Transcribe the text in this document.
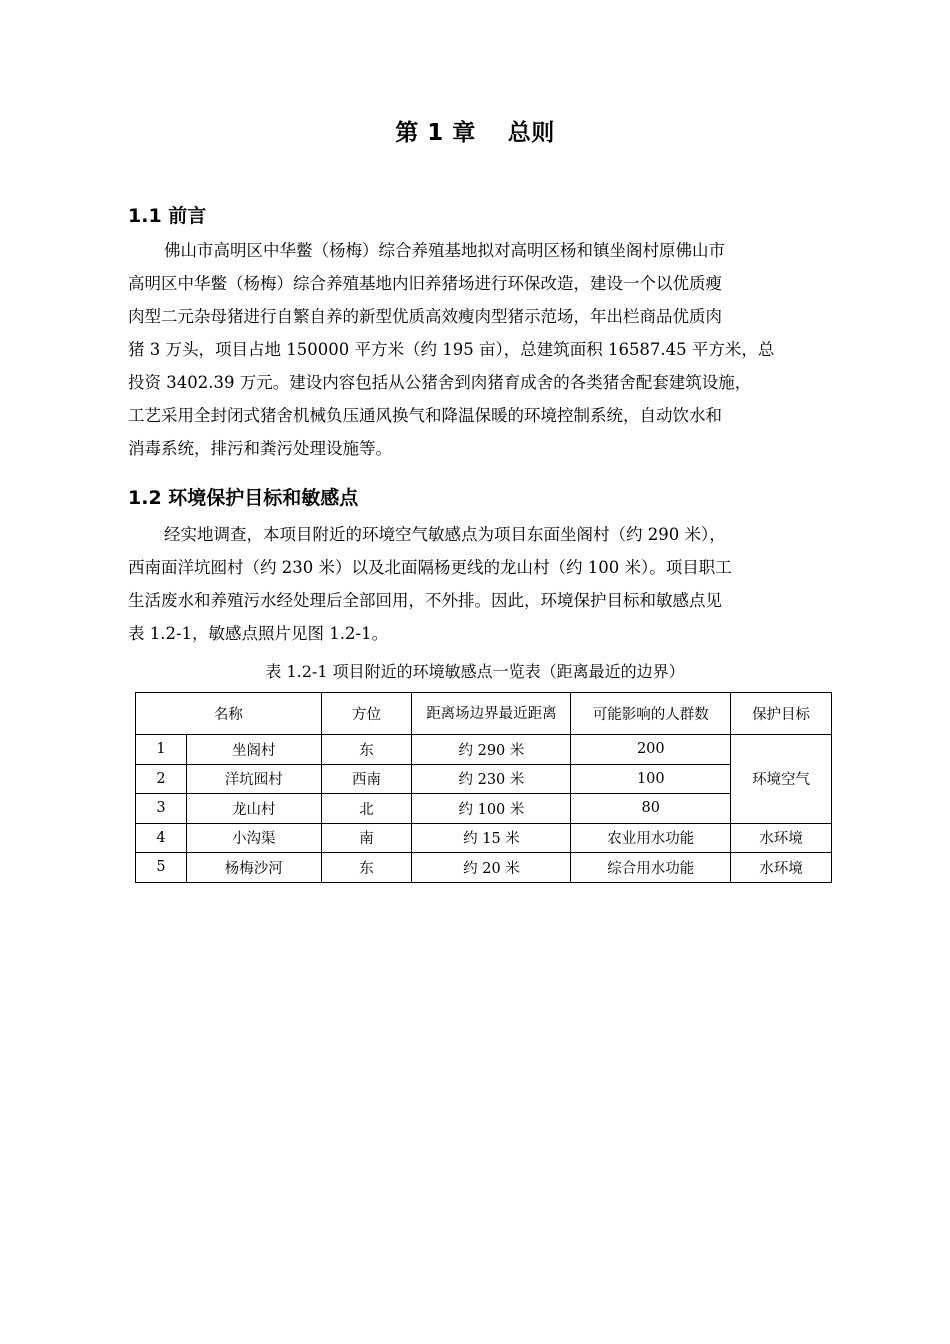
第 1 章　 总则
1.1 前言
佛山市高明区中华鳖（杨梅）综合养殖基地拟对高明区杨和镇坐阁村原佛山市
高明区中华鳖（杨梅）综合养殖基地内旧养猪场进行环保改造，建设一个以优质瘦
肉型二元杂母猪进行自繁自养的新型优质高效瘦肉型猪示范场，年出栏商品优质肉
猪 3 万头，项目占地 150000 平方米（约 195 亩），总建筑面积 16587.45 平方米，总
投资 3402.39 万元。建设内容包括从公猪舍到肉猪育成舍的各类猪舍配套建筑设施，
工艺采用全封闭式猪舍机械负压通风换气和降温保暖的环境控制系统，自动饮水和
消毒系统，排污和粪污处理设施等。
1.2 环境保护目标和敏感点
经实地调查，本项目附近的环境空气敏感点为项目东面坐阁村（约 290 米），
西南面洋坑囮村（约 230 米）以及北面隔杨更线的龙山村（约 100 米）。项目职工
生活废水和养殖污水经处理后全部回用，不外排。因此，环境保护目标和敏感点见
表 1.2-1，敏感点照片见图 1.2-1。
表 1.2-1 项目附近的环境敏感点一览表（距离最近的边界）
名称		方位	距离场边界最近距离	可能影响的人群数	保护目标
1	坐阁村	东	约 290 米	200	环境空气
2	洋坑囮村	西南	约 230 米	100	
3	龙山村	北	约 100 米	80	
4	小沟渠	南	约 15 米	农业用水功能	水环境
5	杨梅沙河	东	约 20 米	综合用水功能	水环境
